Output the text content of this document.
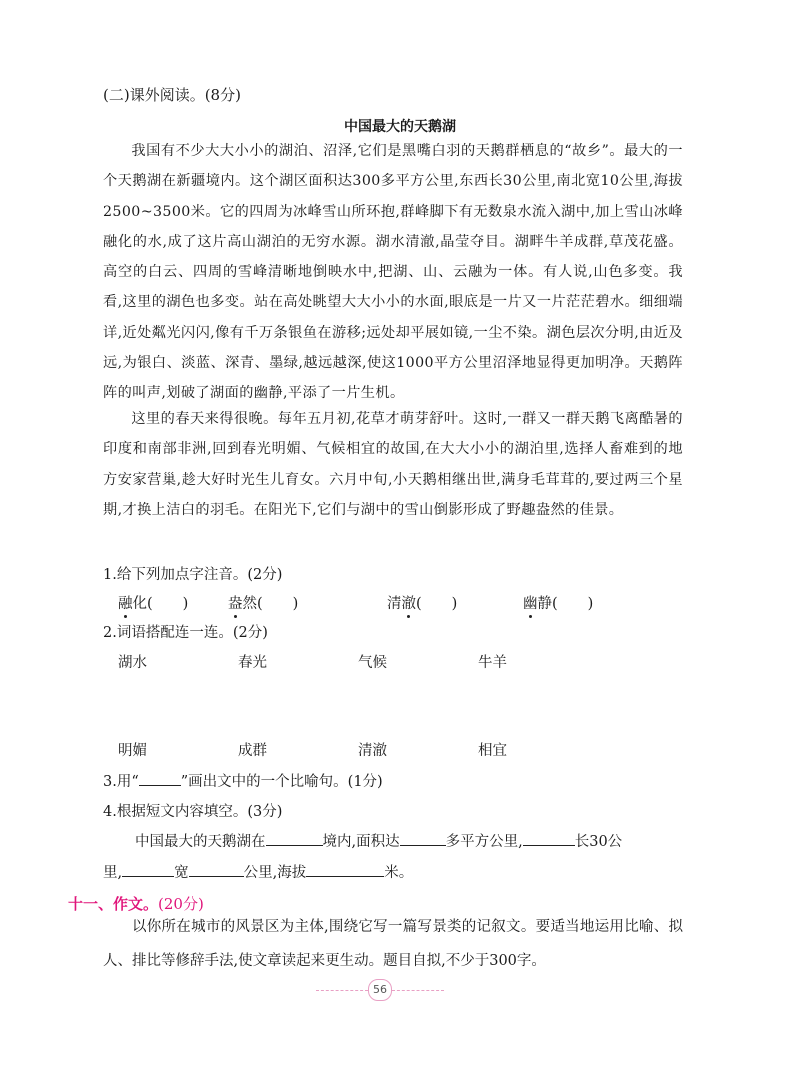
(二)课外阅读。(8分)
中国最大的天鹅湖
我国有不少大大小小的湖泊、沼泽,它们是黑嘴白羽的天鹅群栖息的“故乡”。最大的一个天鹅湖在新疆境内。这个湖区面积达300多平方公里,东西长30公里,南北宽10公里,海拔2500~3500米。它的四周为冰峰雪山所环抱,群峰脚下有无数泉水流入湖中,加上雪山冰峰融化的水,成了这片高山湖泊的无穷水源。湖水清澈,晶莹夺目。湖畔牛羊成群,草茂花盛。高空的白云、四周的雪峰清晰地倒映水中,把湖、山、云融为一体。有人说,山色多变。我看,这里的湖色也多变。站在高处眺望大大小小的水面,眼底是一片又一片茫茫碧水。细细端详,近处粼光闪闪,像有千万条银鱼在游移;远处却平展如镜,一尘不染。湖色层次分明,由近及远,为银白、淡蓝、深青、墨绿,越远越深,使这1000平方公里沼泽地显得更加明净。天鹅阵阵的叫声,划破了湖面的幽静,平添了一片生机。
这里的春天来得很晚。每年五月初,花草才萌芽舒叶。这时,一群又一群天鹅飞离酷暑的印度和南部非洲,回到春光明媚、气候相宜的故国,在大大小小的湖泊里,选择人畜难到的地方安家营巢,趁大好时光生儿育女。六月中旬,小天鹅相继出世,满身毛茸茸的,要过两三个星期,才换上洁白的羽毛。在阳光下,它们与湖中的雪山倒影形成了野趣盎然的佳景。
1.给下列加点字注音。(2分)
融化( )	盎然( )	清澈( )	幽静( )
2.词语搭配连一连。(2分)
湖水	春光	气候	牛羊
明媚	成群	清澈	相宜
3.用“	”画出文中的一个比喻句。(1分)
4.根据短文内容填空。(3分)
中国最大的天鹅湖在	境内,面积达	多平方公里,	长30公
里,	宽	公里,海拔	米。
十一、作文。(20分)
以你所在城市的风景区为主体,围绕它写一篇写景类的记叙文。要适当地运用比喻、拟人、排比等修辞手法,使文章读起来更生动。题目自拟,不少于300字。
56
